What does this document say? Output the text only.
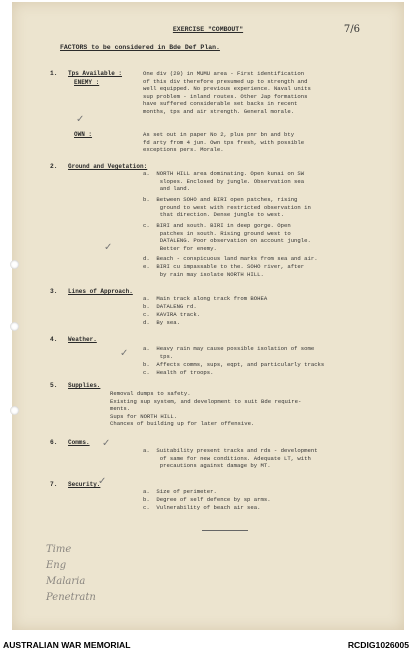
7/6
EXERCISE "COMBOUT"
FACTORS to be considered in Bde Def Plan.
1. Tps Available :
ENEMY :
One div (20) in MUMU area - First identification
of this div therefore presumed up to strength and
well equipped. No previous experience. Naval units
sup problem - inland routes. Other Jap formations
have suffered considerable set backs in recent
months, tps and air strength. General morale.
✓
OWN :	As set out in paper No 2, plus pnr bn and bty
fd arty from 4 jun. Own tps fresh, with possible
exceptions pers. Morale.
2. Ground and Vegetation:
a.  NORTH HILL area dominating. Open kunai on SW
slopes. Enclosed by jungle. Observation sea
and land.
b.  Between SOHO and BIRI open patches, rising
ground to west with restricted observation in
that direction. Dense jungle to west.
c.  BIRI and south. BIRI in deep gorge. Open
patches in south. Rising ground west to
DATALENG. Poor observation on account jungle.
Better for enemy.
✓
d.  Beach - conspicuous land marks from sea and air.
e.  BIRI cu impassable to the. SOHO river, after
by rain may isolate NORTH HILL.
3. Lines of Approach.
a.  Main track along track from BOHEA
b.  DATALENG rd.
c.  KAVIRA track.
d.  By sea.
4. Weather.
a.  Heavy rain may cause possible isolation of some
tps.
✓
b.  Affects comms, sups, eqpt, and particularly tracks
c.  Health of troops.
5. Supplies.
Removal dumps to safety.
Existing sup system, and development to suit Bde require-
ments.
Sups for NORTH HILL.
Chances of building up for later offensive.
6. Comms. ✓
a.  Suitability present tracks and rds - development
of same for new conditions. Adequate LT, with
precautions against damage by MT.
7. Security.
✓
a.  Size of perimeter.
b.  Degree of self defence by sp arms.
c.  Vulnerability of beach air sea.
Time
Eng
Malaria
Penetratn
AUSTRALIAN WAR MEMORIAL	RCDIG1026005
